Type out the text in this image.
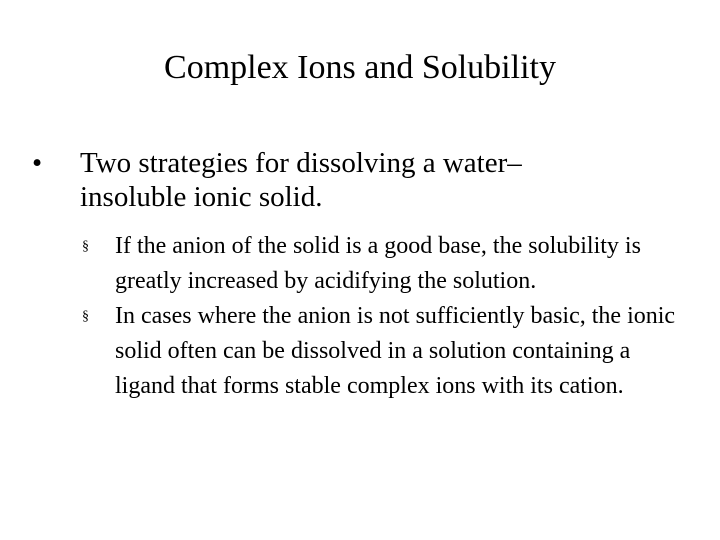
Complex Ions and Solubility
•	Two strategies for dissolving a water–insoluble ionic solid.
§	If the anion of the solid is a good base, the solubility is greatly increased by acidifying the solution.
§	In cases where the anion is not sufficiently basic, the ionic solid often can be dissolved in a solution containing a ligand that forms stable complex ions with its cation.
